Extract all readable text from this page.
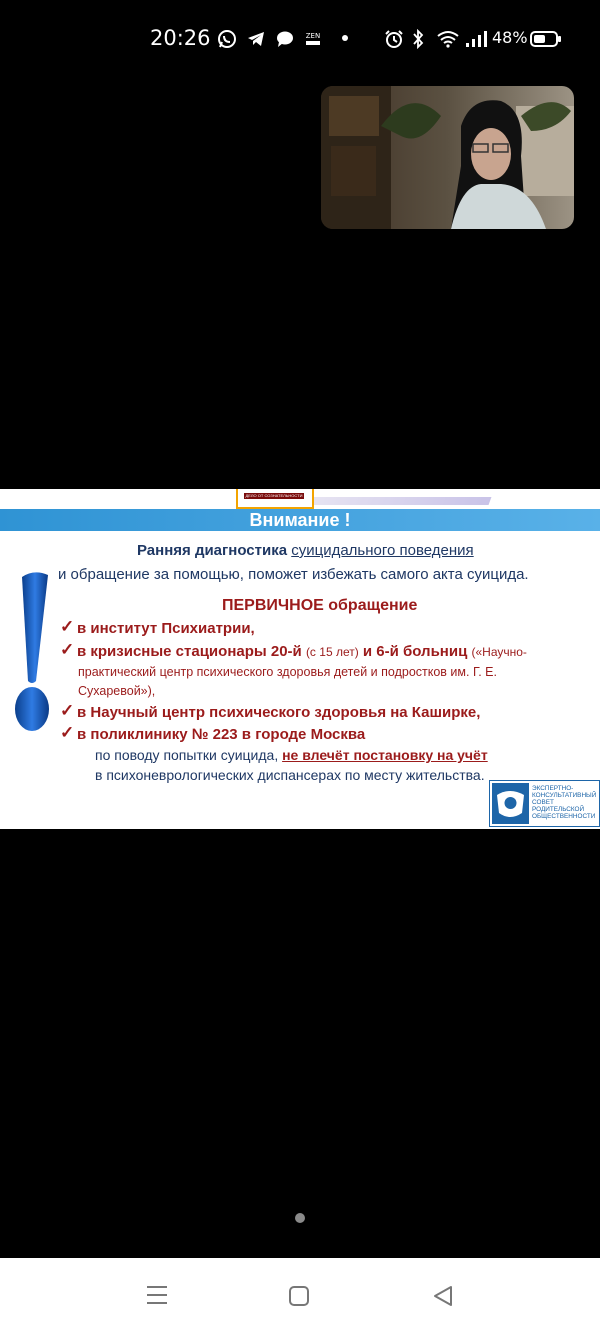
20:26	ZEN	48%
ДЕЛО ОТ СОЗНАТЕЛЬНОСТИ
Внимание !
Ранняя диагностика суицидального поведения
и обращение за помощью, поможет избежать самого акта суицида.
ПЕРВИЧНОЕ обращение
✓ в институт Психиатрии,
✓ в кризисные стационары 20-й (с 15 лет) и 6-й больниц («Научно-
практический центр психического здоровья детей и подростков им. Г. Е.
Сухаревой»),
✓ в Научный центр психического здоровья на Каширке,
✓ в поликлинику № 223 в городе Москва
по поводу попытки суицида, не влечёт постановку на учёт
в психоневрологических диспансерах по месту жительства.
ЭКСПЕРТНО-КОНСУЛЬТАТИВНЫЙ СОВЕТ РОДИТЕЛЬСКОЙ ОБЩЕСТВЕННОСТИ
